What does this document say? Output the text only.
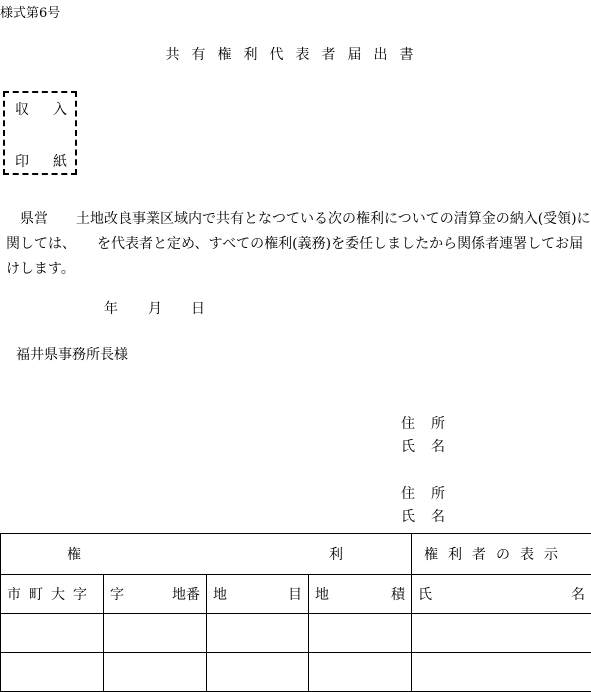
様式第6号
共有権利代表者届出書
収 入
印 紙
　県営　　土地改良事業区域内で共有となつている次の権利についての清算金の納入(受領)に関しては、　　を代表者と定め、すべての権利(義務)を委任しましたから関係者連署してお届けします。
年 月 日
福井県事務所長様
住所
氏名
住所
氏名
権 利				権利者の表示
市町大字	字 地番	地 目	地 積	氏 名
